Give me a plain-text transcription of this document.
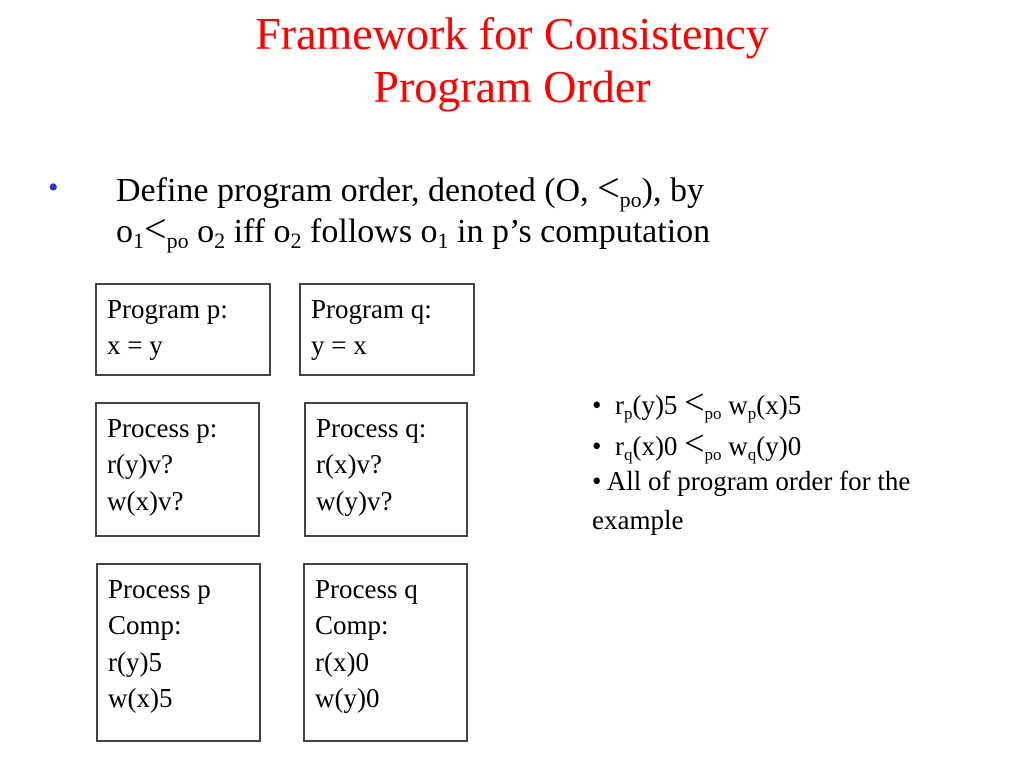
Framework for Consistency
Program Order
• Define program order, denoted (O, $<_{po}$), by
$o_1<_{po}$ $o_2$ iff $o_2$ follows $o_1$ in p’s computation
Program p:
x = y
Program q:
y = x
Process p:
r(y)v?
w(x)v?
Process q:
r(x)v?
w(y)v?
Process p
Comp:
r(y)5
w(x)5
Process q
Comp:
r(x)0
w(y)0
• $r_p(y)5 <_{po}$ $w_p(x)5$
• $r_q(x)0 <_{po}$ $w_q(y)0$
• All of program order for the example
